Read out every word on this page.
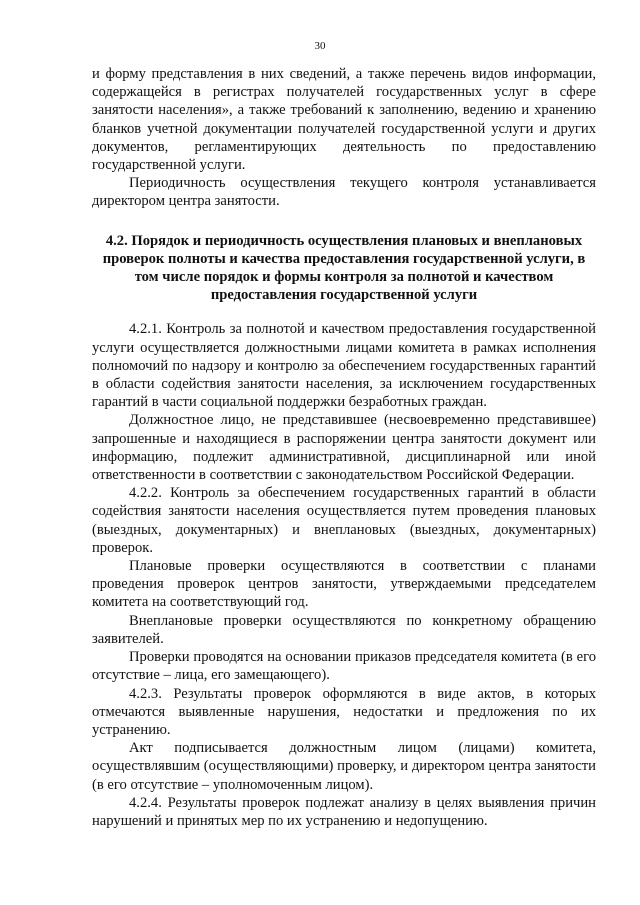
30

и форму представления в них сведений, а также перечень видов информации, содержащейся в регистрах получателей государственных услуг в сфере занятости населения», а также требований к заполнению, ведению и хранению бланков учетной документации получателей государственной услуги и других документов, регламентирующих деятельность по предоставлению государственной услуги.

Периодичность осуществления текущего контроля устанавливается директором центра занятости.

4.2. Порядок и периодичность осуществления плановых и внеплановых проверок полноты и качества предоставления государственной услуги, в том числе порядок и формы контроля за полнотой и качеством предоставления государственной услуги

4.2.1. Контроль за полнотой и качеством предоставления государственной услуги осуществляется должностными лицами комитета в рамках исполнения полномочий по надзору и контролю за обеспечением государственных гарантий в области содействия занятости населения, за исключением государственных гарантий в части социальной поддержки безработных граждан.

Должностное лицо, не представившее (несвоевременно представившее) запрошенные и находящиеся в распоряжении центра занятости документ или информацию, подлежит административной, дисциплинарной или иной ответственности в соответствии с законодательством Российской Федерации.

4.2.2. Контроль за обеспечением государственных гарантий в области содействия занятости населения осуществляется путем проведения плановых (выездных, документарных) и внеплановых (выездных, документарных) проверок.

Плановые проверки осуществляются в соответствии с планами проведения проверок центров занятости, утверждаемыми председателем комитета на соответствующий год.

Внеплановые проверки осуществляются по конкретному обращению заявителей.

Проверки проводятся на основании приказов председателя комитета (в его отсутствие – лица, его замещающего).

4.2.3. Результаты проверок оформляются в виде актов, в которых отмечаются выявленные нарушения, недостатки и предложения по их устранению.

Акт подписывается должностным лицом (лицами) комитета, осуществлявшим (осуществляющими) проверку, и директором центра занятости (в его отсутствие – уполномоченным лицом).

4.2.4. Результаты проверок подлежат анализу в целях выявления причин нарушений и принятых мер по их устранению и недопущению.
